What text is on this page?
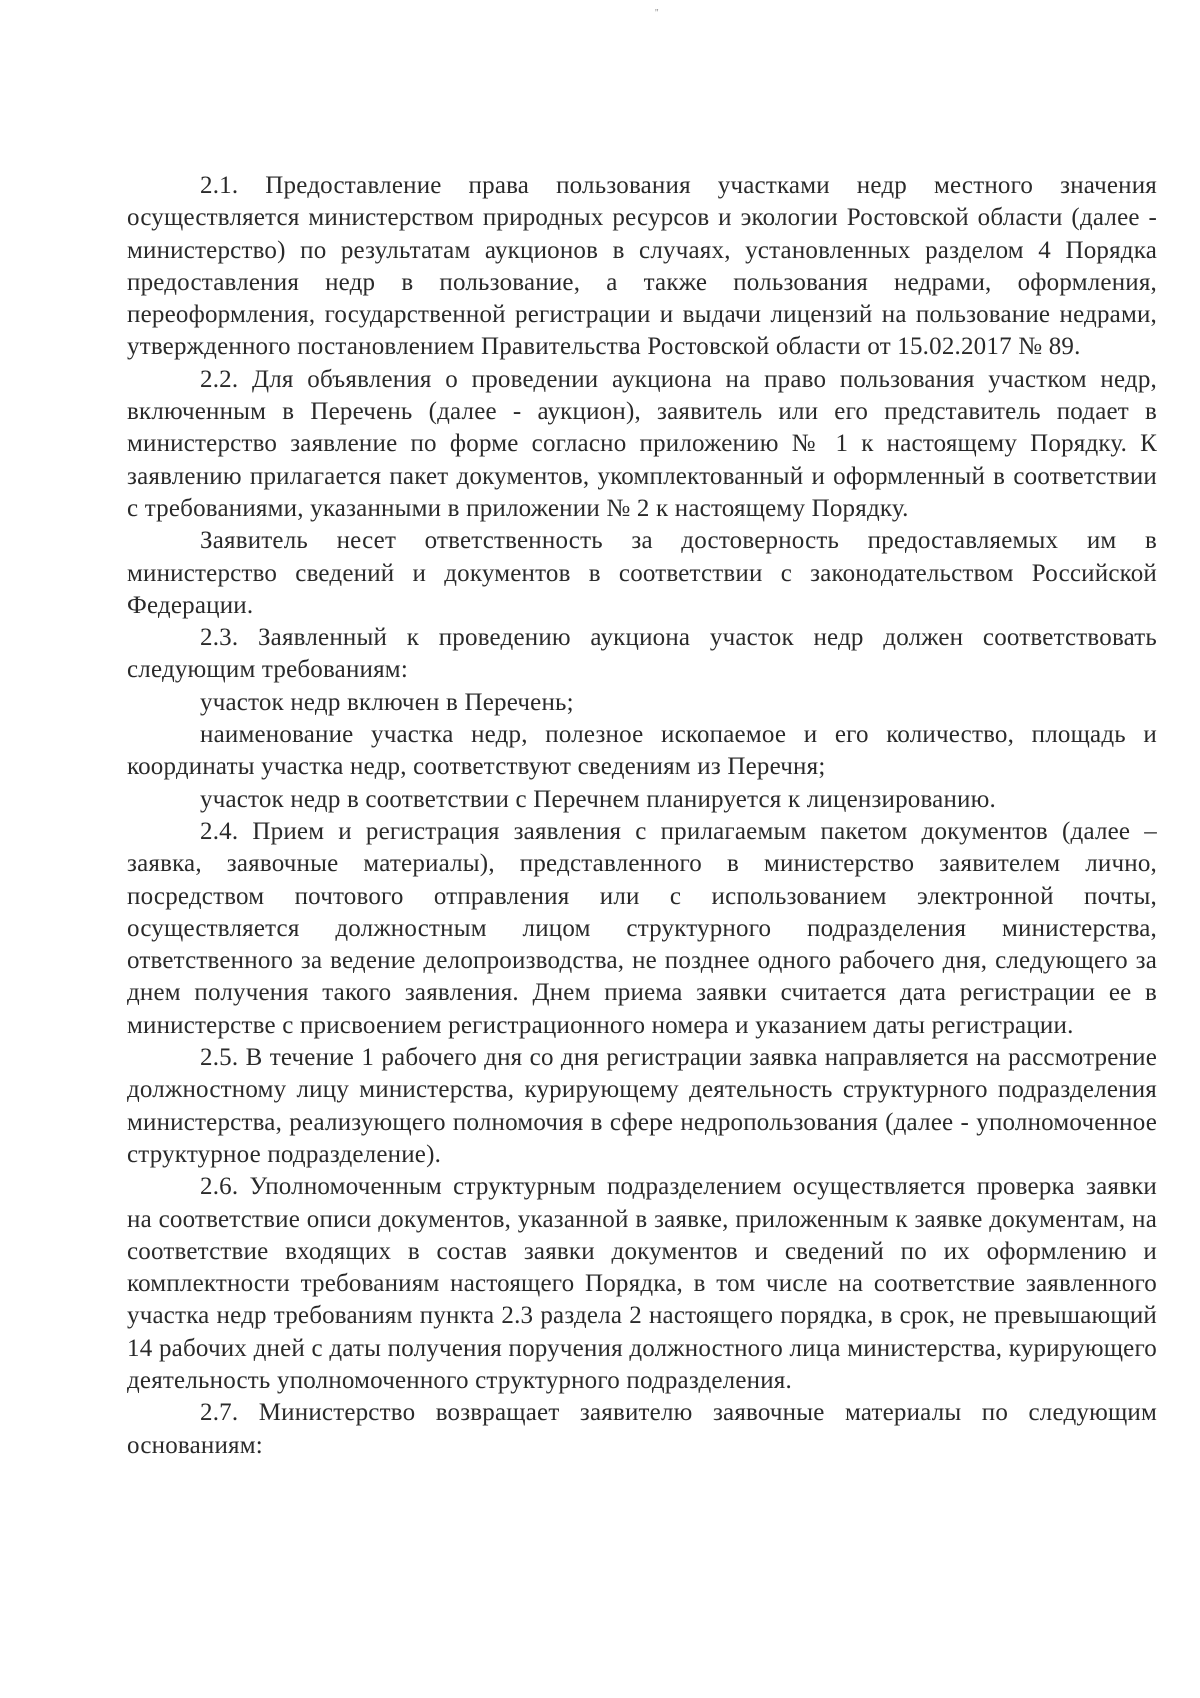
''

2.1. Предоставление права пользования участками недр местного значения осуществляется министерством природных ресурсов и экологии Ростовской области (далее - министерство) по результатам аукционов в случаях, установленных разделом 4 Порядка предоставления недр в пользование, а также пользования недрами, оформления, переоформления, государственной регистрации и выдачи лицензий на пользование недрами, утвержденного постановлением Правительства Ростовской области от 15.02.2017 № 89.

2.2. Для объявления о проведении аукциона на право пользования участком недр, включенным в Перечень (далее - аукцион), заявитель или его представитель подает в министерство заявление по форме согласно приложению № 1 к настоящему Порядку. К заявлению прилагается пакет документов, укомплектованный и оформленный в соответствии с требованиями, указанными в приложении № 2 к настоящему Порядку.

Заявитель несет ответственность за достоверность предоставляемых им в министерство сведений и документов в соответствии с законодательством Российской Федерации.

2.3. Заявленный к проведению аукциона участок недр должен соответствовать следующим требованиям:

участок недр включен в Перечень;

наименование участка недр, полезное ископаемое и его количество, площадь и координаты участка недр, соответствуют сведениям из Перечня;

участок недр в соответствии с Перечнем планируется к лицензированию.

2.4. Прием и регистрация заявления с прилагаемым пакетом документов (далее – заявка, заявочные материалы), представленного в министерство заявителем лично, посредством почтового отправления или с использованием электронной почты, осуществляется должностным лицом структурного подразделения министерства, ответственного за ведение делопроизводства, не позднее одного рабочего дня, следующего за днем получения такого заявления. Днем приема заявки считается дата регистрации ее в министерстве с присвоением регистрационного номера и указанием даты регистрации.

2.5. В течение 1 рабочего дня со дня регистрации заявка направляется на рассмотрение должностному лицу министерства, курирующему деятельность структурного подразделения министерства, реализующего полномочия в сфере недропользования (далее - уполномоченное структурное подразделение).

2.6. Уполномоченным структурным подразделением осуществляется проверка заявки на соответствие описи документов, указанной в заявке, приложенным к заявке документам, на соответствие входящих в состав заявки документов и сведений по их оформлению и комплектности требованиям настоящего Порядка, в том числе на соответствие заявленного участка недр требованиям пункта 2.3 раздела 2 настоящего порядка, в срок, не превышающий 14 рабочих дней с даты получения поручения должностного лица министерства, курирующего деятельность уполномоченного структурного подразделения.

2.7. Министерство возвращает заявителю заявочные материалы по следующим основаниям:
